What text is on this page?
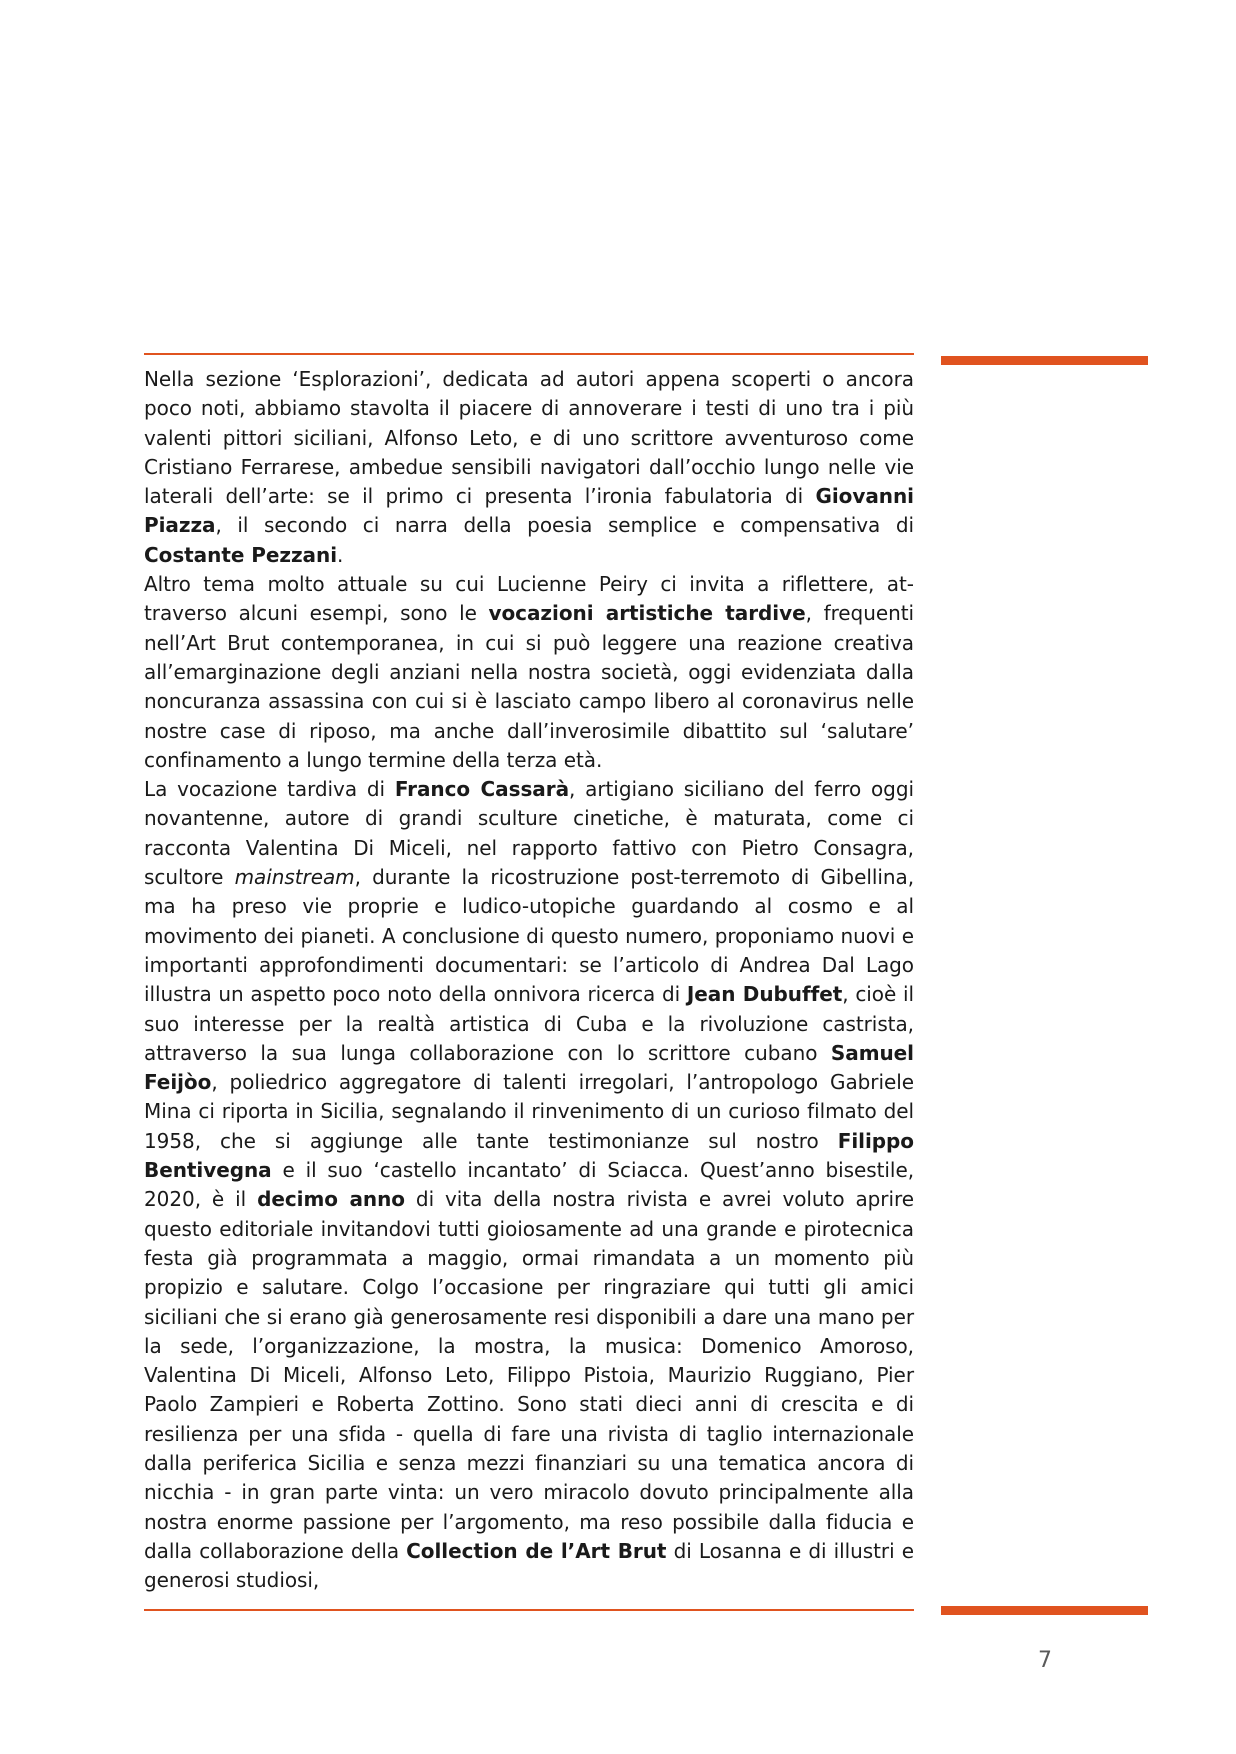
Nella sezione ‘Esplorazioni’, dedicata ad autori appena scoperti o ancora poco noti, abbiamo stavolta il piacere di annoverare i testi di uno tra i più valenti pittori siciliani, Alfonso Leto, e di uno scrittore avventuroso come Cristiano Ferrarese, ambedue sensibili navigatori dall’occhio lungo nelle vie laterali dell’arte: se il primo ci presenta l’ironia fabulatoria di Giovanni Piazza, il secondo ci narra della poesia semplice e compensativa di Costante Pezzani.

Altro tema molto attuale su cui Lucienne Peiry ci invita a riflettere, attraverso alcuni esempi, sono le vocazioni artistiche tardive, frequenti nell’Art Brut contemporanea, in cui si può leggere una reazione creativa all’emarginazione degli anziani nella nostra società, oggi evidenziata dalla noncuranza assassina con cui si è lasciato campo libero al coronavirus nelle nostre case di riposo, ma anche dall’inverosimile dibattito sul ‘salutare’ confinamento a lungo termine della terza età.

La vocazione tardiva di Franco Cassarà, artigiano siciliano del ferro oggi novantenne, autore di grandi sculture cinetiche, è maturata, come ci racconta Valentina Di Miceli, nel rapporto fattivo con Pietro Consagra, scultore mainstream, durante la ricostruzione post-terremoto di Gibellina, ma ha preso vie proprie e ludico-utopiche guardando al cosmo e al movimento dei pianeti. A conclusione di questo numero, proponiamo nuovi e importanti approfondimenti documentari: se l’articolo di Andrea Dal Lago illustra un aspetto poco noto della onnivora ricerca di Jean Dubuffet, cioè il suo interesse per la realtà artistica di Cuba e la rivoluzione castrista, attraverso la sua lunga collaborazione con lo scrittore cubano Samuel Feijòo, poliedrico aggregatore di talenti irregolari, l’antropologo Gabriele Mina ci riporta in Sicilia, segnalando il rinvenimento di un curioso filmato del 1958, che si aggiunge alle tante testimonianze sul nostro Filippo Bentivegna e il suo ‘castello incantato’ di Sciacca. Quest’anno bisestile, 2020, è il decimo anno di vita della nostra rivista e avrei voluto aprire questo editoriale invitandovi tutti gioiosamente ad una grande e pirotecnica festa già programmata a maggio, ormai rimandata a un momento più propizio e salutare. Colgo l’occasione per ringraziare qui tutti gli amici siciliani che si erano già generosamente resi disponibili a dare una mano per la sede, l’organizzazione, la mostra, la musica: Domenico Amoroso, Valentina Di Miceli, Alfonso Leto, Filippo Pistoia, Maurizio Ruggiano, Pier Paolo Zampieri e Roberta Zottino. Sono stati dieci anni di crescita e di resilienza per una sfida - quella di fare una rivista di taglio internazionale dalla periferica Sicilia e senza mezzi finanziari su una tematica ancora di nicchia - in gran parte vinta: un vero miracolo dovuto principalmente alla nostra enorme passione per l’argomento, ma reso possibile dalla fiducia e dalla collaborazione della Collection de l’Art Brut di Losanna e di illustri e generosi studiosi,

7
